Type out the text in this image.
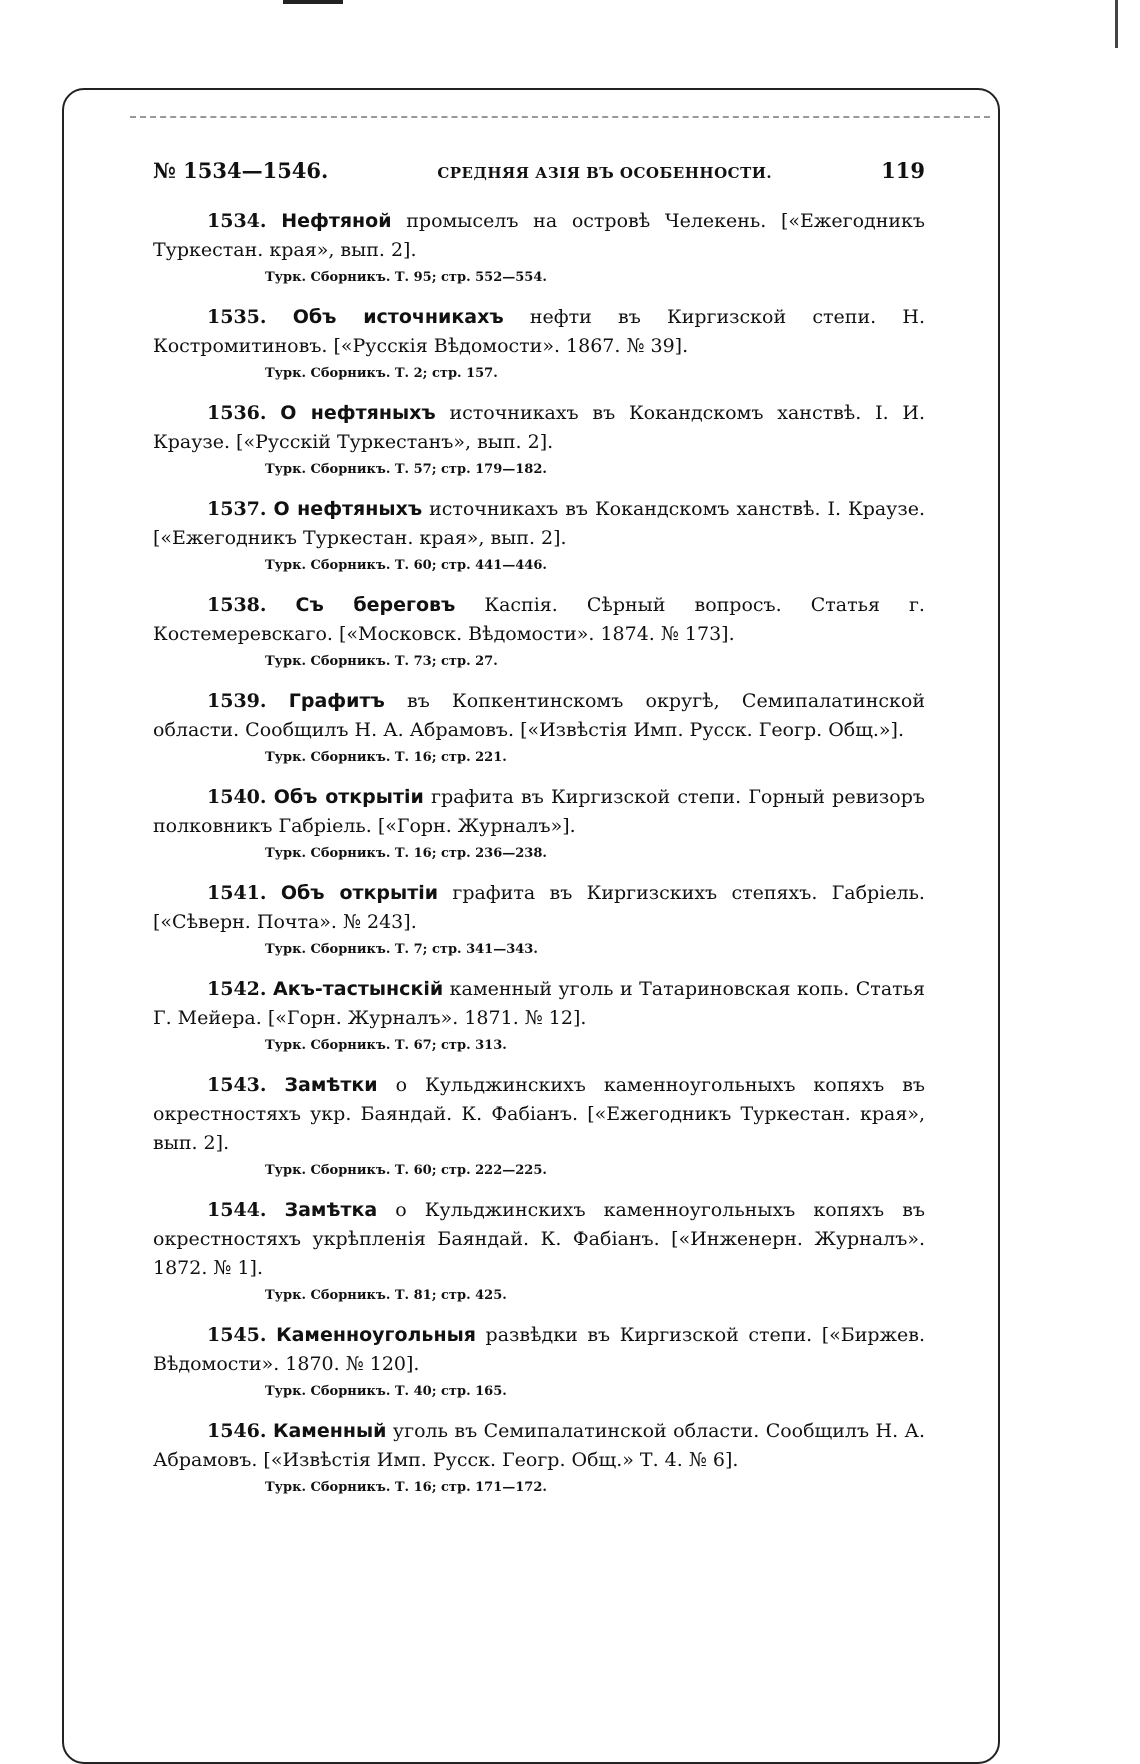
№ 1534—1546.	СРЕДНЯЯ АЗІЯ ВЪ ОСОБЕННОСТИ.	119

1534. Нефтяной промыселъ на островѣ Челекень. [«Ежегодникъ Туркестан. края», вып. 2].

Турк. Сборникъ. Т. 95; стр. 552—554.

1535. Объ источникахъ нефти въ Киргизской степи. Н. Костромитиновъ. [«Русскія Вѣдомости». 1867. № 39].

Турк. Сборникъ. Т. 2; стр. 157.

1536. О нефтяныхъ источникахъ въ Кокандскомъ ханствѣ. І. И. Краузе. [«Русскій Туркестанъ», вып. 2].

Турк. Сборникъ. Т. 57; стр. 179—182.

1537. О нефтяныхъ источникахъ въ Кокандскомъ ханствѣ. І. Краузе. [«Ежегодникъ Туркестан. края», вып. 2].

Турк. Сборникъ. Т. 60; стр. 441—446.

1538. Съ береговъ Каспія. Сѣрный вопросъ. Статья г. Костемеревскаго. [«Московск. Вѣдомости». 1874. № 173].

Турк. Сборникъ. Т. 73; стр. 27.

1539. Графитъ въ Копкентинскомъ округѣ, Семипалатинской области. Сообщилъ Н. А. Абрамовъ. [«Извѣстія Имп. Русск. Геогр. Общ.»].

Турк. Сборникъ. Т. 16; стр. 221.

1540. Объ открытіи графита въ Киргизской степи. Горный ревизоръ полковникъ Габріель. [«Горн. Журналъ»].

Турк. Сборникъ. Т. 16; стр. 236—238.

1541. Объ открытіи графита въ Киргизскихъ степяхъ. Габріель. [«Сѣверн. Почта». № 243].

Турк. Сборникъ. Т. 7; стр. 341—343.

1542. Акъ-тастынскій каменный уголь и Татариновская копь. Статья Г. Мейера. [«Горн. Журналъ». 1871. № 12].

Турк. Сборникъ. Т. 67; стр. 313.

1543. Замѣтки о Кульджинскихъ каменноугольныхъ копяхъ въ окрестностяхъ укр. Баяндай. К. Фабіанъ. [«Ежегодникъ Туркестан. края», вып. 2].

Турк. Сборникъ. Т. 60; стр. 222—225.

1544. Замѣтка о Кульджинскихъ каменноугольныхъ копяхъ въ окрестностяхъ укрѣпленія Баяндай. К. Фабіанъ. [«Инженерн. Журналъ». 1872. № 1].

Турк. Сборникъ. Т. 81; стр. 425.

1545. Каменноугольныя развѣдки въ Киргизской степи. [«Биржев. Вѣдомости». 1870. № 120].

Турк. Сборникъ. Т. 40; стр. 165.

1546. Каменный уголь въ Семипалатинской области. Сообщилъ Н. А. Абрамовъ. [«Извѣстія Имп. Русск. Геогр. Общ.» Т. 4. № 6].

Турк. Сборникъ. Т. 16; стр. 171—172.
